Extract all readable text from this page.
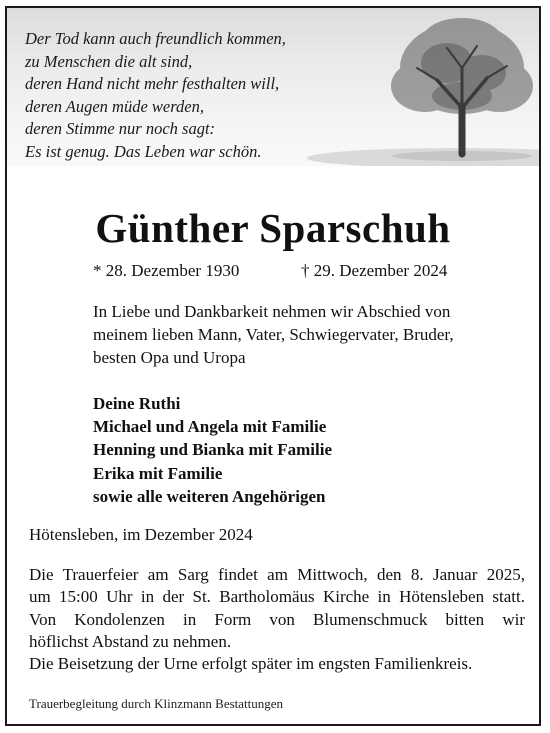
Der Tod kann auch freundlich kommen,
zu Menschen die alt sind,
deren Hand nicht mehr festhalten will,
deren Augen müde werden,
deren Stimme nur noch sagt:
Es ist genug. Das Leben war schön.
Günther Sparschuh
* 28. Dezember 1930	† 29. Dezember 2024

In Liebe und Dankbarkeit nehmen wir Abschied von
meinem lieben Mann, Vater, Schwiegervater, Bruder,
besten Opa und Uropa

Deine Ruthi
Michael und Angela mit Familie
Henning und Bianka mit Familie
Erika mit Familie
sowie alle weiteren Angehörigen
Hötensleben, im Dezember 2024
Die Trauerfeier am Sarg findet am Mittwoch, den 8. Januar 2025,
um 15:00 Uhr in der St. Bartholomäus Kirche in Hötensleben statt.
Von Kondolenzen in Form von Blumenschmuck bitten wir
höflichst Abstand zu nehmen.
Die Beisetzung der Urne erfolgt später im engsten Familienkreis.
Trauerbegleitung durch Klinzmann Bestattungen
